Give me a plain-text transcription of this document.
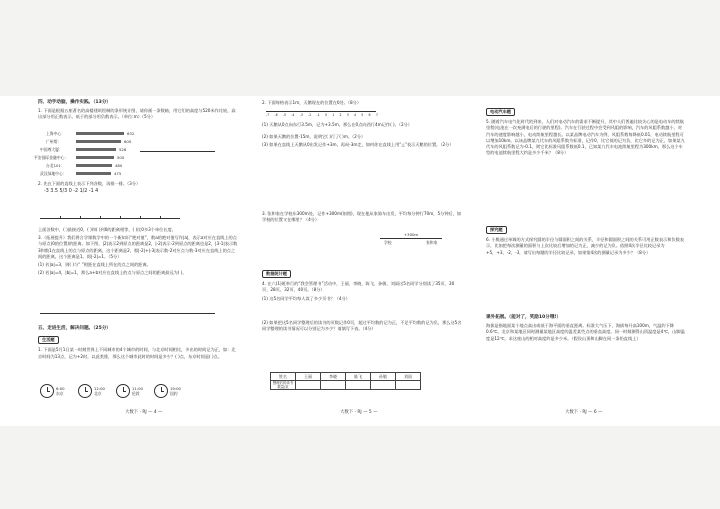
四、动手动脑，操作实践。（13分）

1. 下面是根据五座著名的高楼建筑绘制的条形统计图，请你画一条数轴，用它们的高度与520米作比较，高出部分用正数表示，低于的部分用负数表示。（单位:m）（5分）

上海中心：	632
广州塔：	600
中国尊大厦：	528
平安国际金融中心：	500
台北101：	480
武汉绿地中心：	475

2. 先在下面的直线上表示下列各数，再排一排。（3分）

-3 3.5 5/3 0 -2 1/2 -1 4

上面各数中，( )最接近0，( )和( )到0的距离相等，( )比0多3个单位长度。

3.（拓展提升）我们将合学课数学中的一个新知识“绝对值”，数a的绝对值写作|a|，表示a对应在直线上的点与原点(0的位置)的距离。如下图，|2|表示2到原点的距离是2，|-2|表示-2到原点的距离也是2，|3-1|表示数3和数1在直线上的点与原点的距离，这个距离是2，那|-2|+|-3|表示数-2对应点与数-3对应在直线上的点之间的距离，这个距离是1。即|-2|=1。（5分）

(1) 若|a|=3，则( )与“ ”相距在直线上所在的点之间的距离。

(2) 若|a|=4，|b|=1，那么a+b对应在直线上的点与原点之间的距离最远为( )。

五、走进生活，解决问题。（25分）

生活题

1. 下面是5月1日某一时刻世界上不同城市的4个城市的时间，与北京时间相比，多出的时间记为正，如：北京时间为13点，记为+2时，以此类推，那么这个城市此时的时间是多少？( )点，东京时间是( )点。

6:00
东京
12:00
北京
11:00
伦敦
19:00
纽约
大数下 · RJ — 4 —

2. 下面每格表示1m，天鹅现在的位置在0处。（8分）

-7 -6 -5 -4 -3 -2 -1 0 1 2 3 4 5 6 7

(1) 天鹅从0点向东行3.5m，记为+3.5m，那么在0点向西行4m记作( )。（2分）

(2) 如果天鹅的位置-15m，说明它( )行了( )m。（2分）

(3) 如果在直线上天鹅从0出发记作+3m，再向-3m走，如何你在直线上用“△”表示天鹅的位置。（2分）

3. 张和家在学校东300m处，记作+300m(如图)，现在他从家骑车出发，平均每分钟行70m，5分钟后，如学校的位置又在哪里？（4分）

学校	张和家
+300m
数据统计题

4. 在六(1)班举行的“我会管理书”活动中，王丽、李晓、陈飞、孙敏、刘雨这5名同学分别读了35页、30页、28页、32页、40页。（8分）

(1) 这5名同学平均每人读了多少页书？（4分）

(2) 如果把这5名同学整理后的读书的页数记作0页，超过平均数的记为正，不足平均数的记为负，那么这5名同学整理的读书情况可以分别记为多少？请填写下表。（4分）

姓名	王丽	李晓	陈飞	孙敏	刘雨
整理后的读书
数量/页					
大数下 · RJ — 5 —
电动汽车题

5. 随着汽车电气化时代的到来，人们对电动汽车的需求不断提升，其中人们普遍比较关心的是电动车的续航里程(电池在一次充满电后的行驶的里程)。汽车在行驶过程中会受到风阻的影响，汽车的风阻系数越小，对汽车的速度影响越小，电动续航里程越长。以某品牌电动汽车为例，风阻系数每降低0.01，电动续航里程可以增加10km。以该品牌某九代车的风阻系数为标准，记作0，比它低的记为负，比它多的记为正，如果某九代车的风阻系数记为-0.1，则它比标准风阻系数低0.1，已知某九代车电池续航里程为300km，那么这个车型的电池续航里程大约是多少千米？（8分）

探究题

6. 小熊通过单调的方式探究圆的半径与圆面积之间的关系，半径和圆面积之间的关系可用正数表示和负数表示，比如把每次测量的面积与上次比较后增加的记为正，减少的记为负。依照4次半径比较记录为+5，+3，-2，-3，请写出每题的半径比较记录，如果第4次的测量记录为多少？（8分）

课外拓展。（能对了，奖励10分哦!）

海拔是指地面某个地点高出或低于海平面的垂直距离。标准大气压下，海拔每升高100m，气温约下降0.6℃。北京和某地区同时测量某地区高度的温差某些点的垂直高度。同一时刻测得山顶温度是4℃，山脚温度是12℃，求这座山的相对高度约是多少米。（假设山顶和山脚在同一条铅直线上）

大数下 · RJ — 6 —
